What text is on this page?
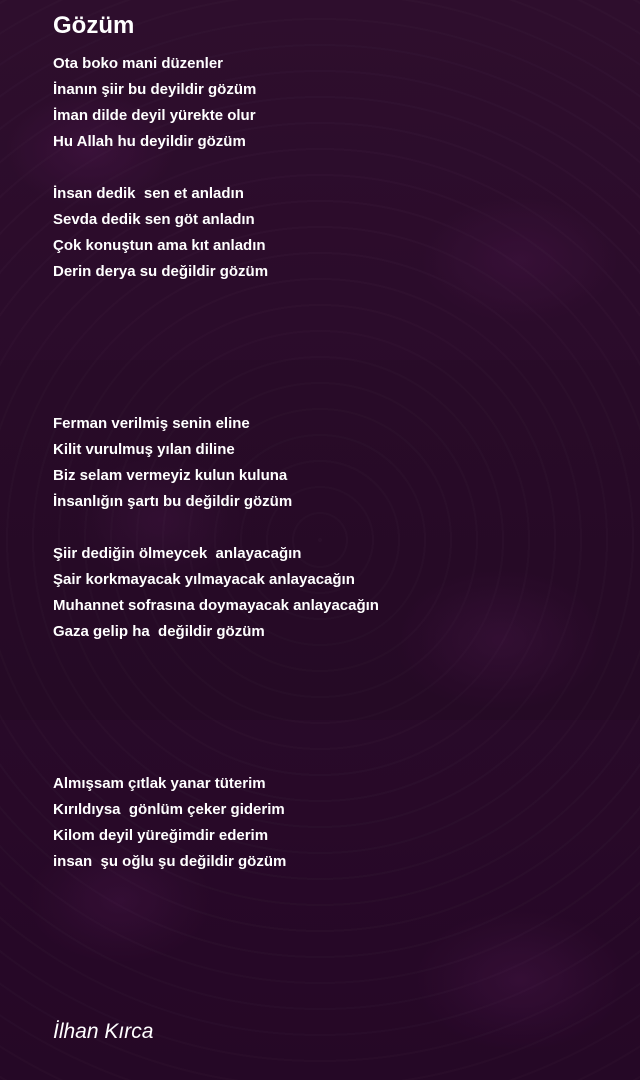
Gözüm
Ota boko mani düzenler
İnanın şiir bu deyildir gözüm
İman dilde deyil yürekte olur
Hu Allah hu deyildir gözüm
İnsan dedik  sen et anladın
Sevda dedik sen göt anladın
Çok konuştun ama kıt anladın
Derin derya su değildir gözüm
Ferman verilmiş senin eline
Kilit vurulmuş yılan diline
Biz selam vermeyiz kulun kuluna
İnsanlığın şartı bu değildir gözüm
Şiir dediğin ölmeycek  anlayacağın
Şair korkmayacak yılmayacak anlayacağın
Muhannet sofrasına doymayacak anlayacağın
Gaza gelip ha  değildir gözüm
Almışsam çıtlak yanar tüterim
Kırıldıysa  gönlüm çeker giderim
Kilom deyil yüreğimdir ederim
insan  şu oğlu şu değildir gözüm
İlhan Kırca
